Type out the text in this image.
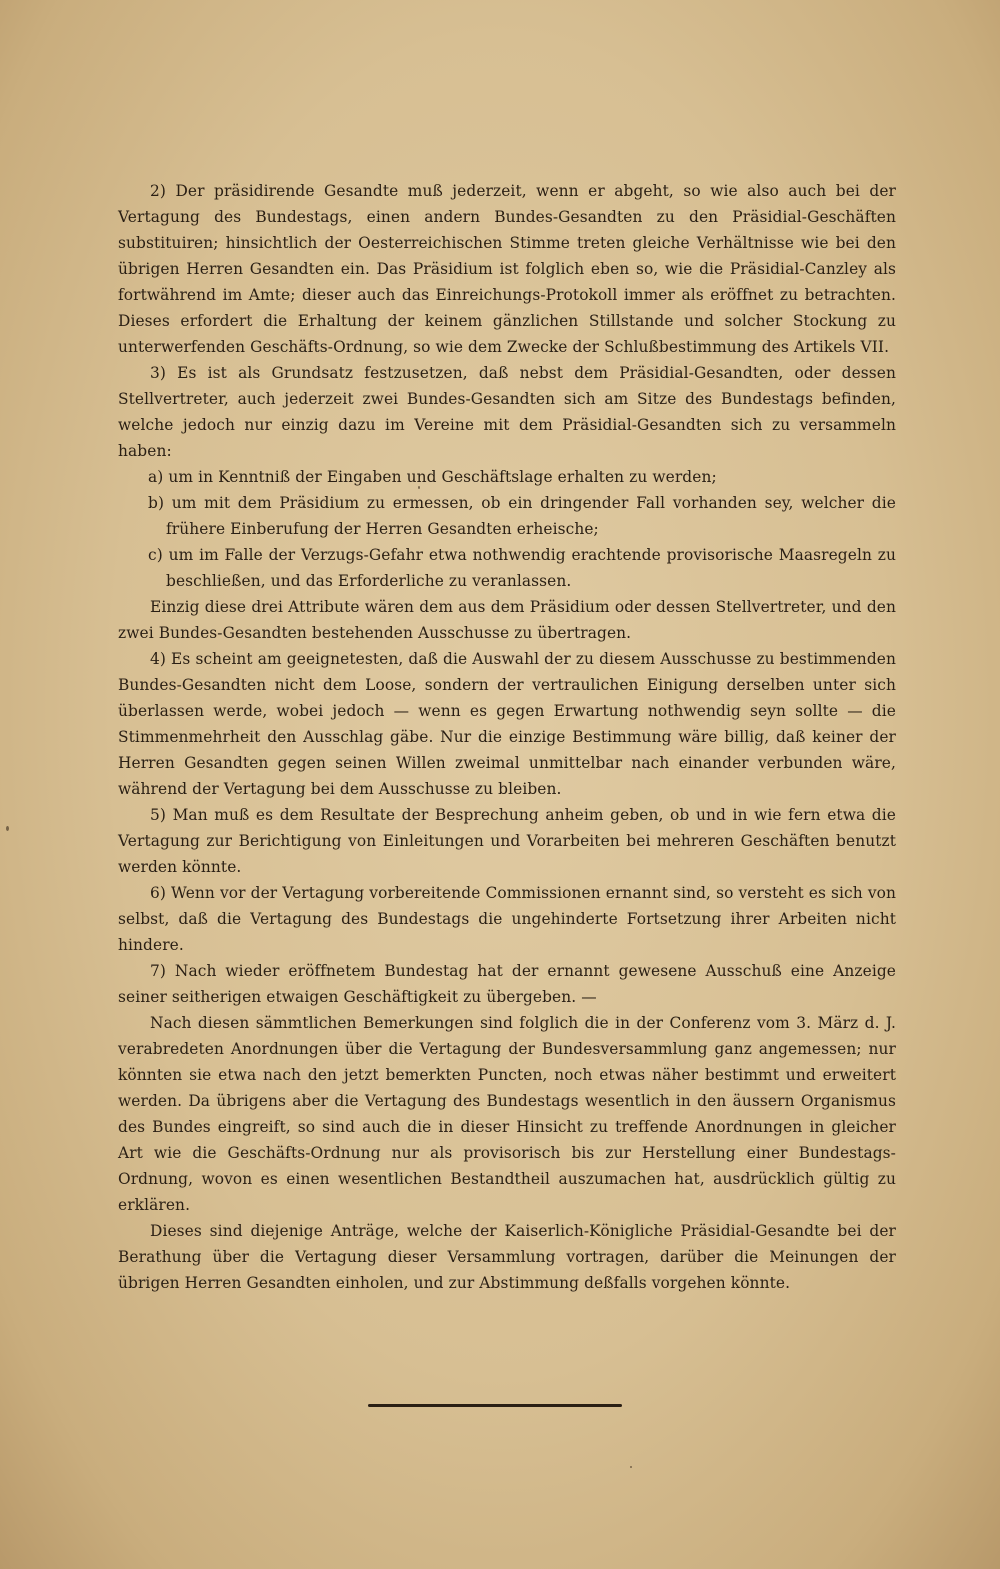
2) Der präsidirende Gesandte muß jederzeit, wenn er abgeht, so wie also auch bei der Vertagung des Bundestags, einen andern Bundes-Gesandten zu den Präsidial-Geschäften substituiren; hinsichtlich der Oesterreichischen Stimme treten gleiche Verhältnisse wie bei den übrigen Herren Gesandten ein. Das Präsidium ist folglich eben so, wie die Präsidial-Canzley als fortwährend im Amte; dieser auch das Einreichungs-Protokoll immer als eröffnet zu betrachten. Dieses erfordert die Erhaltung der keinem gänzlichen Stillstande und solcher Stockung zu unterwerfenden Geschäfts-Ordnung, so wie dem Zwecke der Schlußbestimmung des Artikels VII.

3) Es ist als Grundsatz festzusetzen, daß nebst dem Präsidial-Gesandten, oder dessen Stellvertreter, auch jederzeit zwei Bundes-Gesandten sich am Sitze des Bundestags befinden, welche jedoch nur einzig dazu im Vereine mit dem Präsidial-Gesandten sich zu versammeln haben:

a) um in Kenntniß der Eingaben und Geschäftslage erhalten zu werden;

b) um mit dem Präsidium zu ermessen, ob ein dringender Fall vorhanden sey, welcher die frühere Einberufung der Herren Gesandten erheische;

c) um im Falle der Verzugs-Gefahr etwa nothwendig erachtende provisorische Maasregeln zu beschließen, und das Erforderliche zu veranlassen.

Einzig diese drei Attribute wären dem aus dem Präsidium oder dessen Stellvertreter, und den zwei Bundes-Gesandten bestehenden Ausschusse zu übertragen.

4) Es scheint am geeignetesten, daß die Auswahl der zu diesem Ausschusse zu bestimmenden Bundes-Gesandten nicht dem Loose, sondern der vertraulichen Einigung derselben unter sich überlassen werde, wobei jedoch — wenn es gegen Erwartung nothwendig seyn sollte — die Stimmenmehrheit den Ausschlag gäbe. Nur die einzige Bestimmung wäre billig, daß keiner der Herren Gesandten gegen seinen Willen zweimal unmittelbar nach einander verbunden wäre, während der Vertagung bei dem Ausschusse zu bleiben.

5) Man muß es dem Resultate der Besprechung anheim geben, ob und in wie fern etwa die Vertagung zur Berichtigung von Einleitungen und Vorarbeiten bei mehreren Geschäften benutzt werden könnte.

6) Wenn vor der Vertagung vorbereitende Commissionen ernannt sind, so versteht es sich von selbst, daß die Vertagung des Bundestags die ungehinderte Fortsetzung ihrer Arbeiten nicht hindere.

7) Nach wieder eröffnetem Bundestag hat der ernannt gewesene Ausschuß eine Anzeige seiner seitherigen etwaigen Geschäftigkeit zu übergeben. —

Nach diesen sämmtlichen Bemerkungen sind folglich die in der Conferenz vom 3. März d. J. verabredeten Anordnungen über die Vertagung der Bundesversammlung ganz angemessen; nur könnten sie etwa nach den jetzt bemerkten Puncten, noch etwas näher bestimmt und erweitert werden. Da übrigens aber die Vertagung des Bundestags wesentlich in den äussern Organismus des Bundes eingreift, so sind auch die in dieser Hinsicht zu treffende Anordnungen in gleicher Art wie die Geschäfts-Ordnung nur als provisorisch bis zur Herstellung einer Bundestags-Ordnung, wovon es einen wesentlichen Bestandtheil auszumachen hat, ausdrücklich gültig zu erklären.

Dieses sind diejenige Anträge, welche der Kaiserlich-Königliche Präsidial-Gesandte bei der Berathung über die Vertagung dieser Versammlung vortragen, darüber die Meinungen der übrigen Herren Gesandten einholen, und zur Abstimmung deßfalls vorgehen könnte.
